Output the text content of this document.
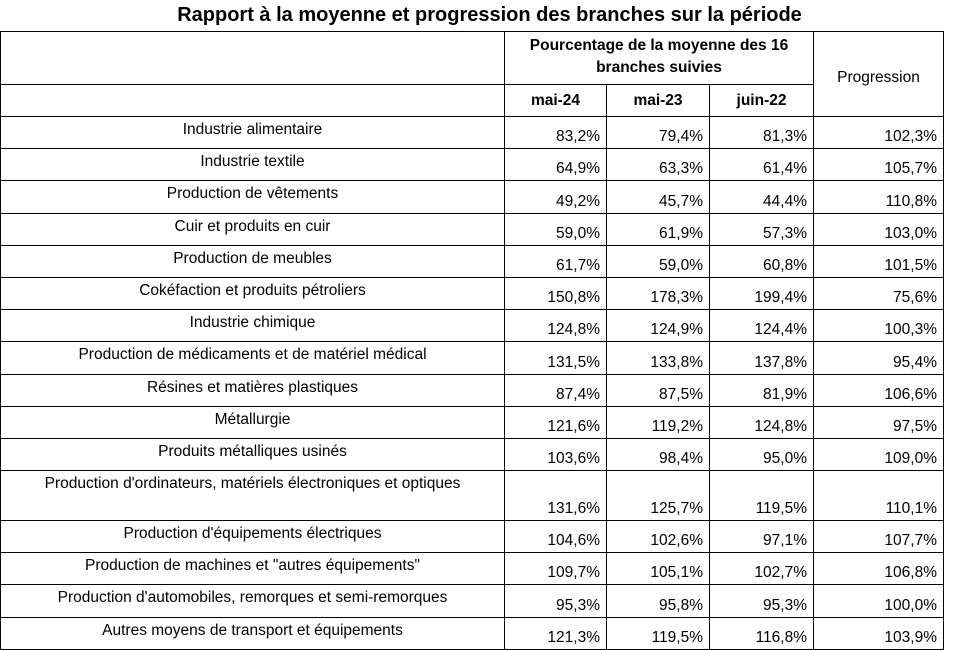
Rapport à la moyenne et progression des branches sur la période
	Pourcentage de la moyenne des 16 branches suivies			Progression
	mai-24	mai-23	juin-22	
Industrie alimentaire	83,2%	79,4%	81,3%	102,3%
Industrie textile	64,9%	63,3%	61,4%	105,7%
Production de vêtements	49,2%	45,7%	44,4%	110,8%
Cuir et produits en cuir	59,0%	61,9%	57,3%	103,0%
Production de meubles	61,7%	59,0%	60,8%	101,5%
Cokéfaction et produits pétroliers	150,8%	178,3%	199,4%	75,6%
Industrie chimique	124,8%	124,9%	124,4%	100,3%
Production de médicaments et de matériel médical	131,5%	133,8%	137,8%	95,4%
Résines et matières plastiques	87,4%	87,5%	81,9%	106,6%
Métallurgie	121,6%	119,2%	124,8%	97,5%
Produits métalliques usinés	103,6%	98,4%	95,0%	109,0%
Production d'ordinateurs, matériels électroniques et optiques	131,6%	125,7%	119,5%	110,1%
Production d'équipements électriques	104,6%	102,6%	97,1%	107,7%
Production de machines et "autres équipements"	109,7%	105,1%	102,7%	106,8%
Production d'automobiles, remorques et semi-remorques	95,3%	95,8%	95,3%	100,0%
Autres moyens de transport et équipements	121,3%	119,5%	116,8%	103,9%
